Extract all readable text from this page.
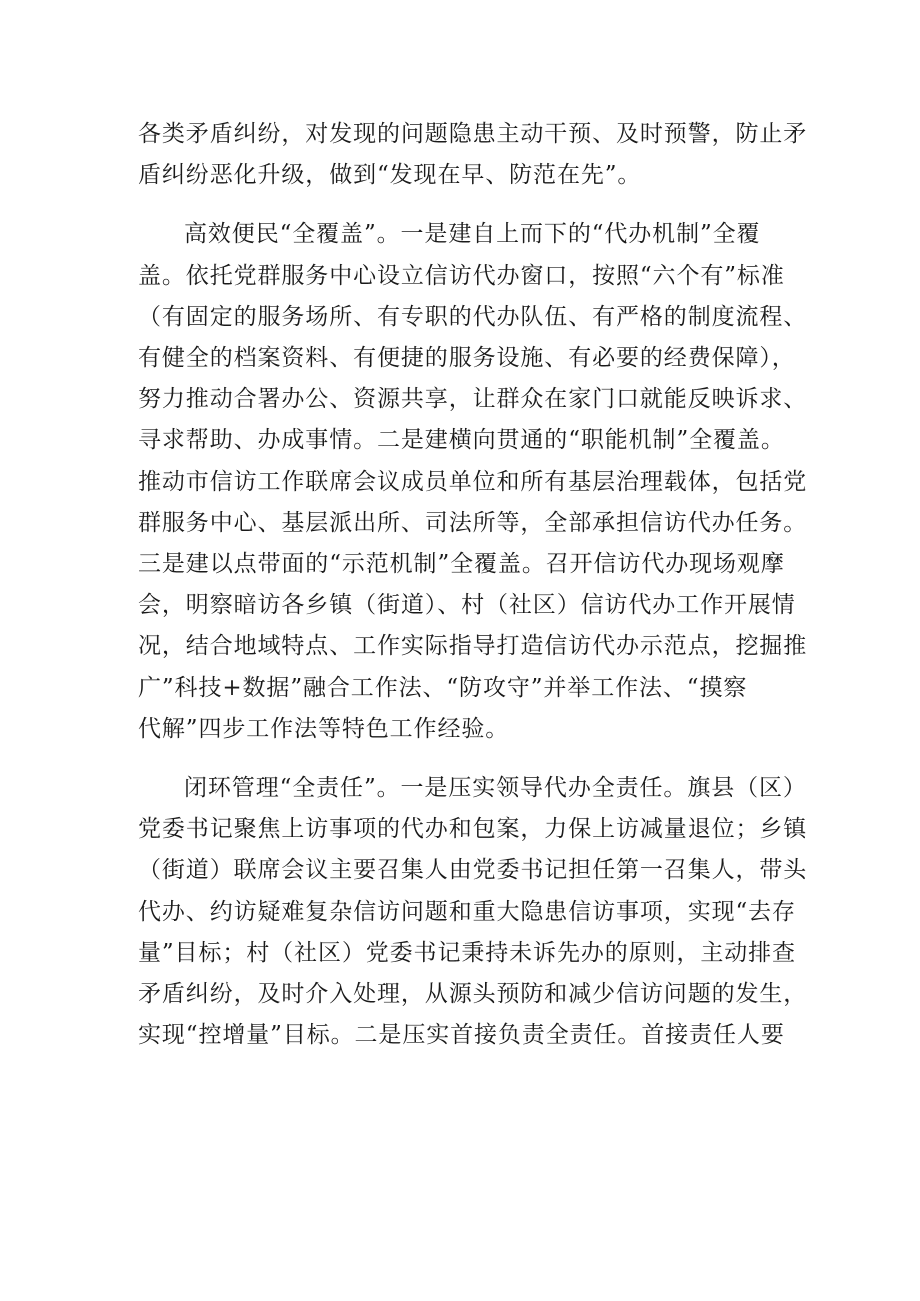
各类矛盾纠纷，对发现的问题隐患主动干预、及时预警，防止矛
盾纠纷恶化升级，做到“发现在早、防范在先”。

高效便民“全覆盖”。一是建自上而下的“代办机制”全覆
盖。依托党群服务中心设立信访代办窗口，按照“六个有”标准
（有固定的服务场所、有专职的代办队伍、有严格的制度流程、
有健全的档案资料、有便捷的服务设施、有必要的经费保障），
努力推动合署办公、资源共享，让群众在家门口就能反映诉求、
寻求帮助、办成事情。二是建横向贯通的“职能机制”全覆盖。
推动市信访工作联席会议成员单位和所有基层治理载体，包括党
群服务中心、基层派出所、司法所等，全部承担信访代办任务。
三是建以点带面的“示范机制”全覆盖。召开信访代办现场观摩
会，明察暗访各乡镇（街道）、村（社区）信访代办工作开展情
况，结合地域特点、工作实际指导打造信访代办示范点，挖掘推
广”科技+数据”融合工作法、“防攻守”并举工作法、“摸察
代解”四步工作法等特色工作经验。

闭环管理“全责任”。一是压实领导代办全责任。旗县（区）
党委书记聚焦上访事项的代办和包案，力保上访减量退位；乡镇
（街道）联席会议主要召集人由党委书记担任第一召集人，带头
代办、约访疑难复杂信访问题和重大隐患信访事项，实现“去存
量”目标；村（社区）党委书记秉持未诉先办的原则，主动排查
矛盾纠纷，及时介入处理，从源头预防和减少信访问题的发生，
实现“控增量”目标。二是压实首接负责全责任。首接责任人要
